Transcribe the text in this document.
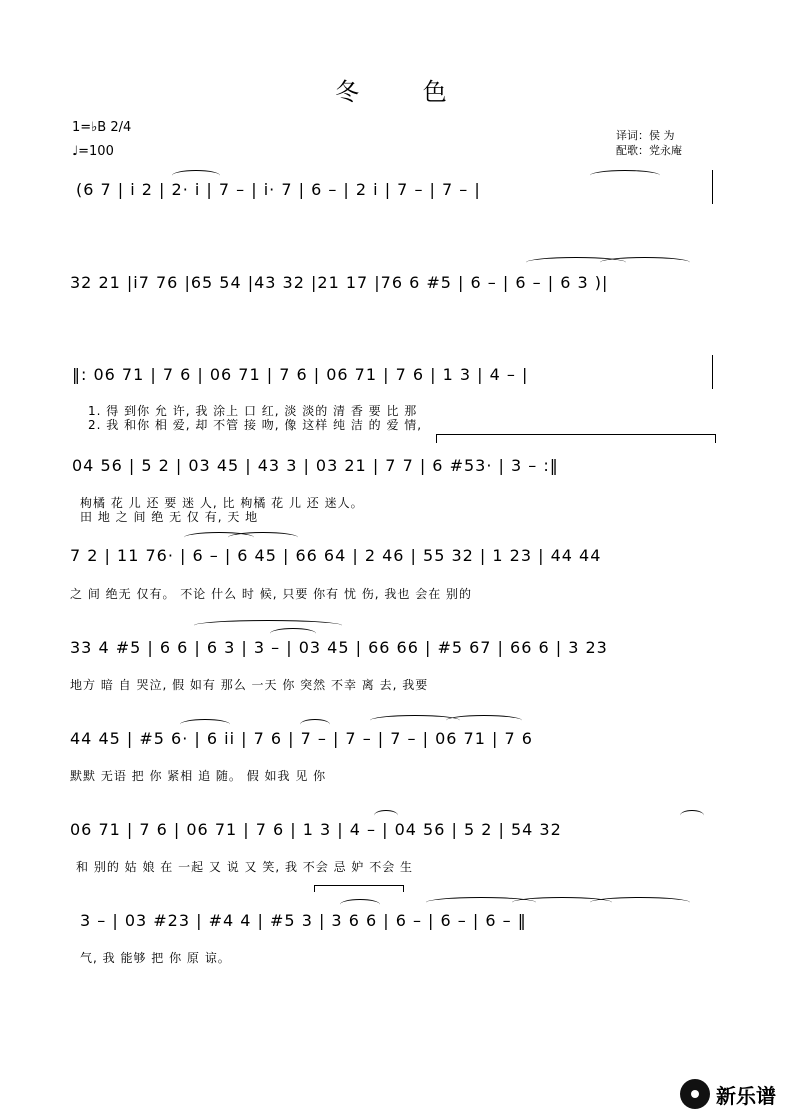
冬 色
1=♭B 2/4
♩=100
译词：侯 为
配歌：党永庵
(6 7 | i 2 | 2· i | 7 – | i· 7 | 6 – | 2 i | 7 – | 7 – |
32 21 |i7 76 |65 54 |43 32 |21 17 |76 6 #5 | 6 – | 6 – | 6 3 )|
‖: 06 71 | 7 6 | 06 71 | 7 6 | 06 71 | 7 6 | 1 3 | 4 – |
1. 得 到你 允 许, 我 涂上 口 红, 淡 淡的 清 香 要 比 那
2. 我 和你 相 爱, 却 不管 接 吻, 像 这样 纯 洁 的 爱 情,
04 56 | 5 2 | 03 45 | 43 3 | 03 21 | 7 7 | 6 #53· | 3 – :‖
枸橘 花 儿 还 要 迷 人, 比 枸橘 花 儿 还 迷人。
田 地 之 间 绝 无 仅 有, 天 地
7 2 | 11 76· | 6 – | 6 45 | 66 64 | 2 46 | 55 32 | 1 23 | 44 44
之 间 绝无 仅有。 不论 什么 时 候, 只要 你有 忧 伤, 我也 会在 别的
33 4 #5 | 6 6 | 6 3 | 3 – | 03 45 | 66 66 | #5 67 | 66 6 | 3 23
地方 暗 自 哭泣, 假 如有 那么 一天 你 突然 不幸 离 去, 我要
44 45 | #5 6· | 6 ii | 7 6 | 7 – | 7 – | 7 – | 06 71 | 7 6
默默 无语 把 你 紧相 追 随。 假 如我 见 你
06 71 | 7 6 | 06 71 | 7 6 | 1 3 | 4 – | 04 56 | 5 2 | 54 32
和 别的 姑 娘 在 一起 又 说 又 笑, 我 不会 忌 妒 不会 生
3 – | 03 #23 | #4 4 | #5 3 | 3 6 6 | 6 – | 6 – | 6 – ‖
气, 我 能够 把 你 原 谅。
新乐谱
